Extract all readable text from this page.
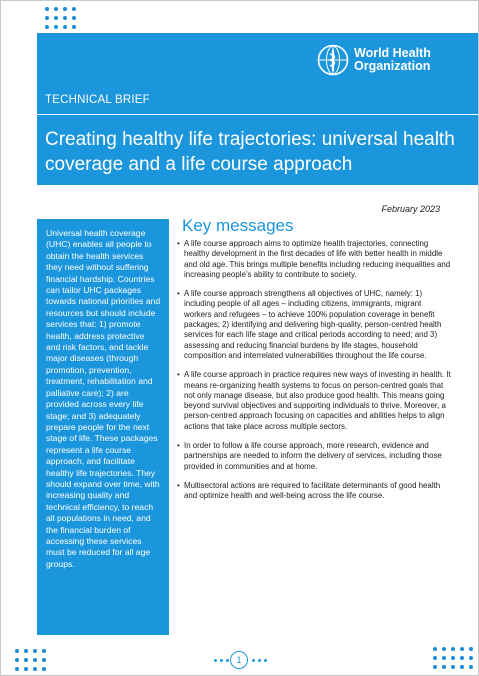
World Health
Organization
TECHNICAL BRIEF
Creating healthy life trajectories: universal health coverage and a life course approach
February 2023

Universal health coverage (UHC) enables all people to obtain the health services they need without suffering financial hardship. Countries can tailor UHC packages towards national priorities and resources but should include services that: 1) promote health, address protective and risk factors, and tackle major diseases (through promotion, prevention, treatment, rehabilitation and palliative care); 2) are provided across every life stage; and 3) adequately prepare people for the next stage of life. These packages represent a life course approach, and facilitate healthy life trajectories. They should expand over time, with increasing quality and technical efficiency, to reach all populations in need, and the financial burden of accessing these services must be reduced for all age groups.

Key messages
• A life course approach aims to optimize health trajectories, connecting healthy development in the first decades of life with better health in middle and old age. This brings multiple benefits including reducing inequalities and increasing people’s ability to contribute to society.
• A life course approach strengthens all objectives of UHC, namely: 1) including people of all ages – including citizens, immigrants, migrant workers and refugees – to achieve 100% population coverage in benefit packages; 2) identifying and delivering high-quality, person-centred health services for each life stage and critical periods according to need; and 3) assessing and reducing financial burdens by life stages, household composition and interrelated vulnerabilities throughout the life course.
• A life course approach in practice requires new ways of investing in health. It means re-organizing health systems to focus on person-centred goals that not only manage disease, but also produce good health. This means going beyond survival objectives and supporting individuals to thrive. Moreover, a person-centred approach focusing on capacities and abilities helps to align actions that take place across multiple sectors.
• In order to follow a life course approach, more research, evidence and partnerships are needed to inform the delivery of services, including those provided in communities and at home.
• Multisectoral actions are required to facilitate determinants of good health and optimize health and well-being across the life course.
1
